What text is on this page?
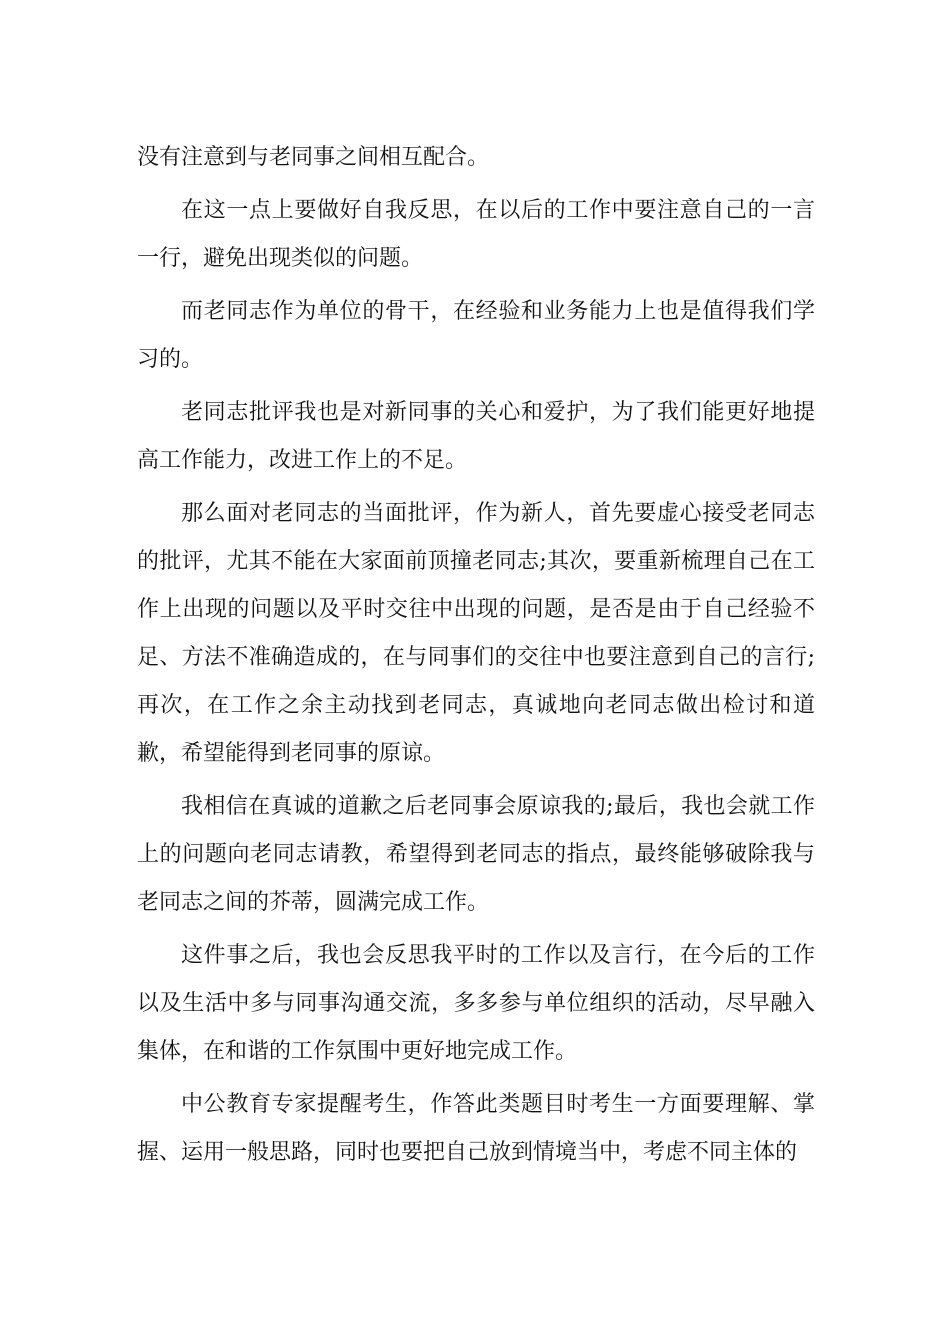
没有注意到与老同事之间相互配合。

在这一点上要做好自我反思，在以后的工作中要注意自己的一言一行，避免出现类似的问题。

而老同志作为单位的骨干，在经验和业务能力上也是值得我们学习的。

老同志批评我也是对新同事的关心和爱护，为了我们能更好地提高工作能力，改进工作上的不足。

那么面对老同志的当面批评，作为新人，首先要虚心接受老同志的批评，尤其不能在大家面前顶撞老同志;其次，要重新梳理自己在工作上出现的问题以及平时交往中出现的问题，是否是由于自己经验不足、方法不准确造成的，在与同事们的交往中也要注意到自己的言行;再次，在工作之余主动找到老同志，真诚地向老同志做出检讨和道歉，希望能得到老同事的原谅。

我相信在真诚的道歉之后老同事会原谅我的;最后，我也会就工作上的问题向老同志请教，希望得到老同志的指点，最终能够破除我与老同志之间的芥蒂，圆满完成工作。

这件事之后，我也会反思我平时的工作以及言行，在今后的工作以及生活中多与同事沟通交流，多多参与单位组织的活动，尽早融入集体，在和谐的工作氛围中更好地完成工作。

中公教育专家提醒考生，作答此类题目时考生一方面要理解、掌握、运用一般思路，同时也要把自己放到情境当中，考虑不同主体的
